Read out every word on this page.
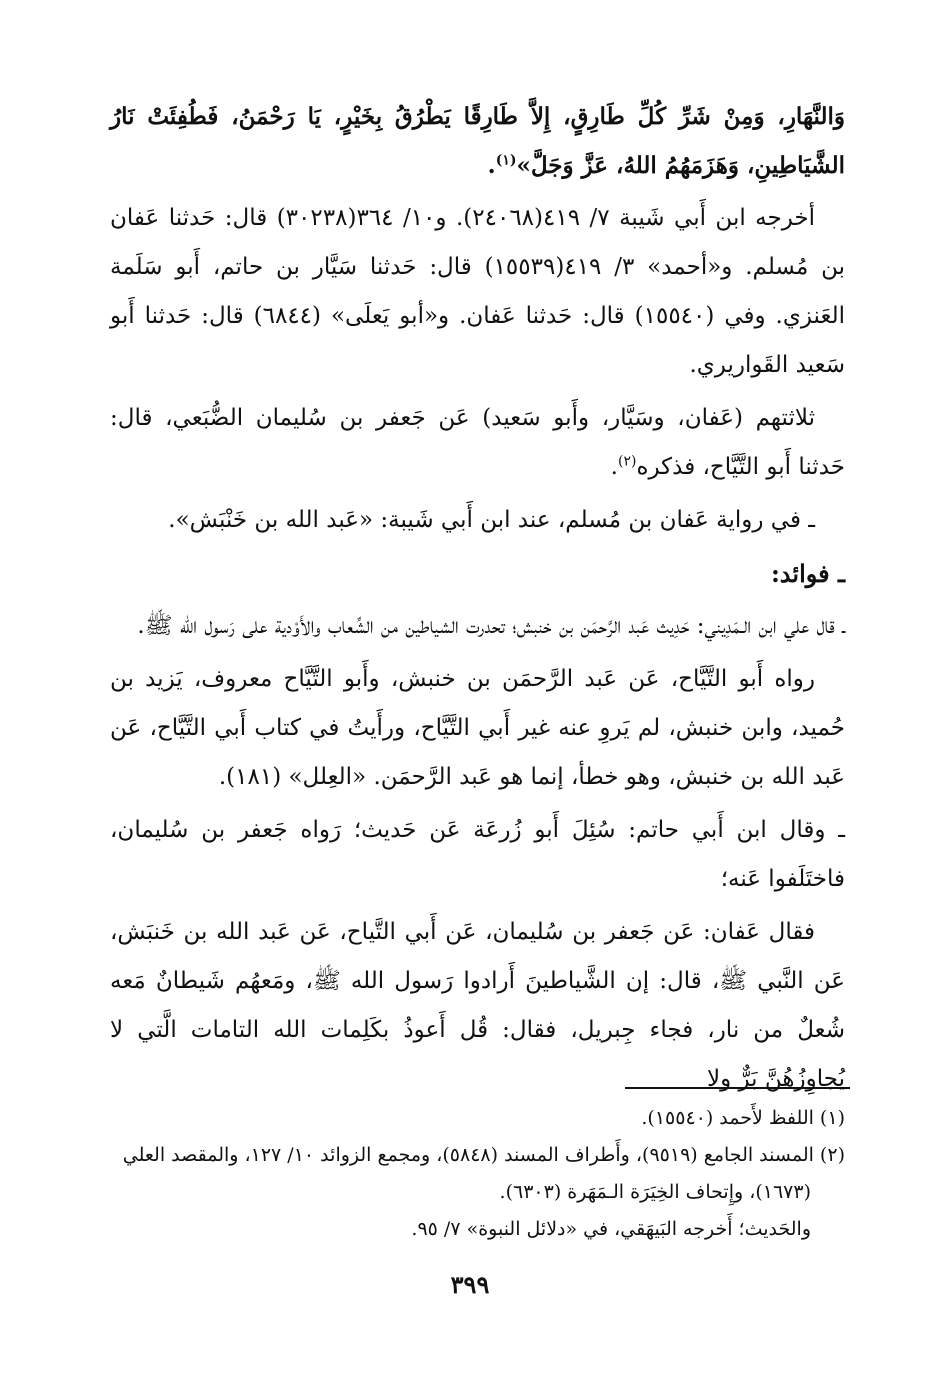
وَالنَّهَارِ، وَمِنْ شَرِّ كُلِّ طَارِقٍ، إِلاَّ طَارِقًا يَطْرُقُ بِخَيْرٍ، يَا رَحْمَنُ، فَطُفِئَتْ نَارُ الشَّيَاطِينِ، وَهَزَمَهُمُ اللهُ، عَزَّ وَجَلَّ»$^{(١)}$.

أخرجه ابن أَبي شَيبة ٧/ ٤١٩(٢٤٠٦٨). و١٠/ ٣٦٤(٣٠٢٣٨) قال: حَدثنا عَفان بن مُسلم. و«أحمد» ٣/ ٤١٩(١٥٥٣٩) قال: حَدثنا سَيَّار بن حاتم، أَبو سَلَمة العَنزي. وفي (١٥٥٤٠) قال: حَدثنا عَفان. و«أبو يَعلَى» (٦٨٤٤) قال: حَدثنا أَبو سَعيد القَواريري.

ثلاثتهم (عَفان، وسَيَّار، وأَبو سَعيد) عَن جَعفر بن سُليمان الضُّبَعي، قال: حَدثنا أَبو التَّيَّاح، فذكره$^{(٢)}$.

ـ في رواية عَفان بن مُسلم، عند ابن أَبي شَيبة: «عَبد الله بن خَنْبَش».

ـ فوائد:

ـ قال علي ابن الـمَدِيني: حَدِيث عَبد الرَّحمَن بن خنبش؛ تحدرت الشياطين من الشِّعاب والأَوْدية على رَسول الله ﷺ.

رواه أَبو التَّيَّاح، عَن عَبد الرَّحمَن بن خنبش، وأَبو التَّيَّاح معروف، يَزيد بن حُميد، وابن خنبش، لم يَروِ عنه غير أَبي التَّيَّاح، ورأَيتُ في كتاب أَبي التَّيَّاح، عَن عَبد الله بن خنبش، وهو خطأ، إنما هو عَبد الرَّحمَن. «العِلل» (١٨١).

ـ وقال ابن أَبي حاتم: سُئِلَ أَبو زُرعَة عَن حَديث؛ رَواه جَعفر بن سُليمان، فاختَلَفوا عَنه؛

فقال عَفان: عَن جَعفر بن سُليمان، عَن أَبي التَّياح، عَن عَبد الله بن خَنبَش، عَن النَّبي ﷺ، قال: إن الشَّياطينَ أَرادوا رَسول الله ﷺ، ومَعهُم شَيطانٌ مَعه شُعلٌ من نار، فجاء جِبريل، فقال: قُل أَعوذُ بكَلِمات الله التامات الَّتي لا يُجاوِزُهُنَّ بَرٌّ ولا

(١) اللفظ لأَحمد (١٥٥٤٠).

(٢) المسند الجامع (٩٥١٩)، وأَطراف المسند (٥٨٤٨)، ومجمع الزوائد ١٠/ ١٢٧، والمقصد العلي

(١٦٧٣)، وإِتحاف الخِيَرَة الـمَهَرة (٦٣٠٣).

والحَديث؛ أَخرجه البَيهَقي، في «دلائل النبوة» ٧/ ٩٥.

٣٩٩
